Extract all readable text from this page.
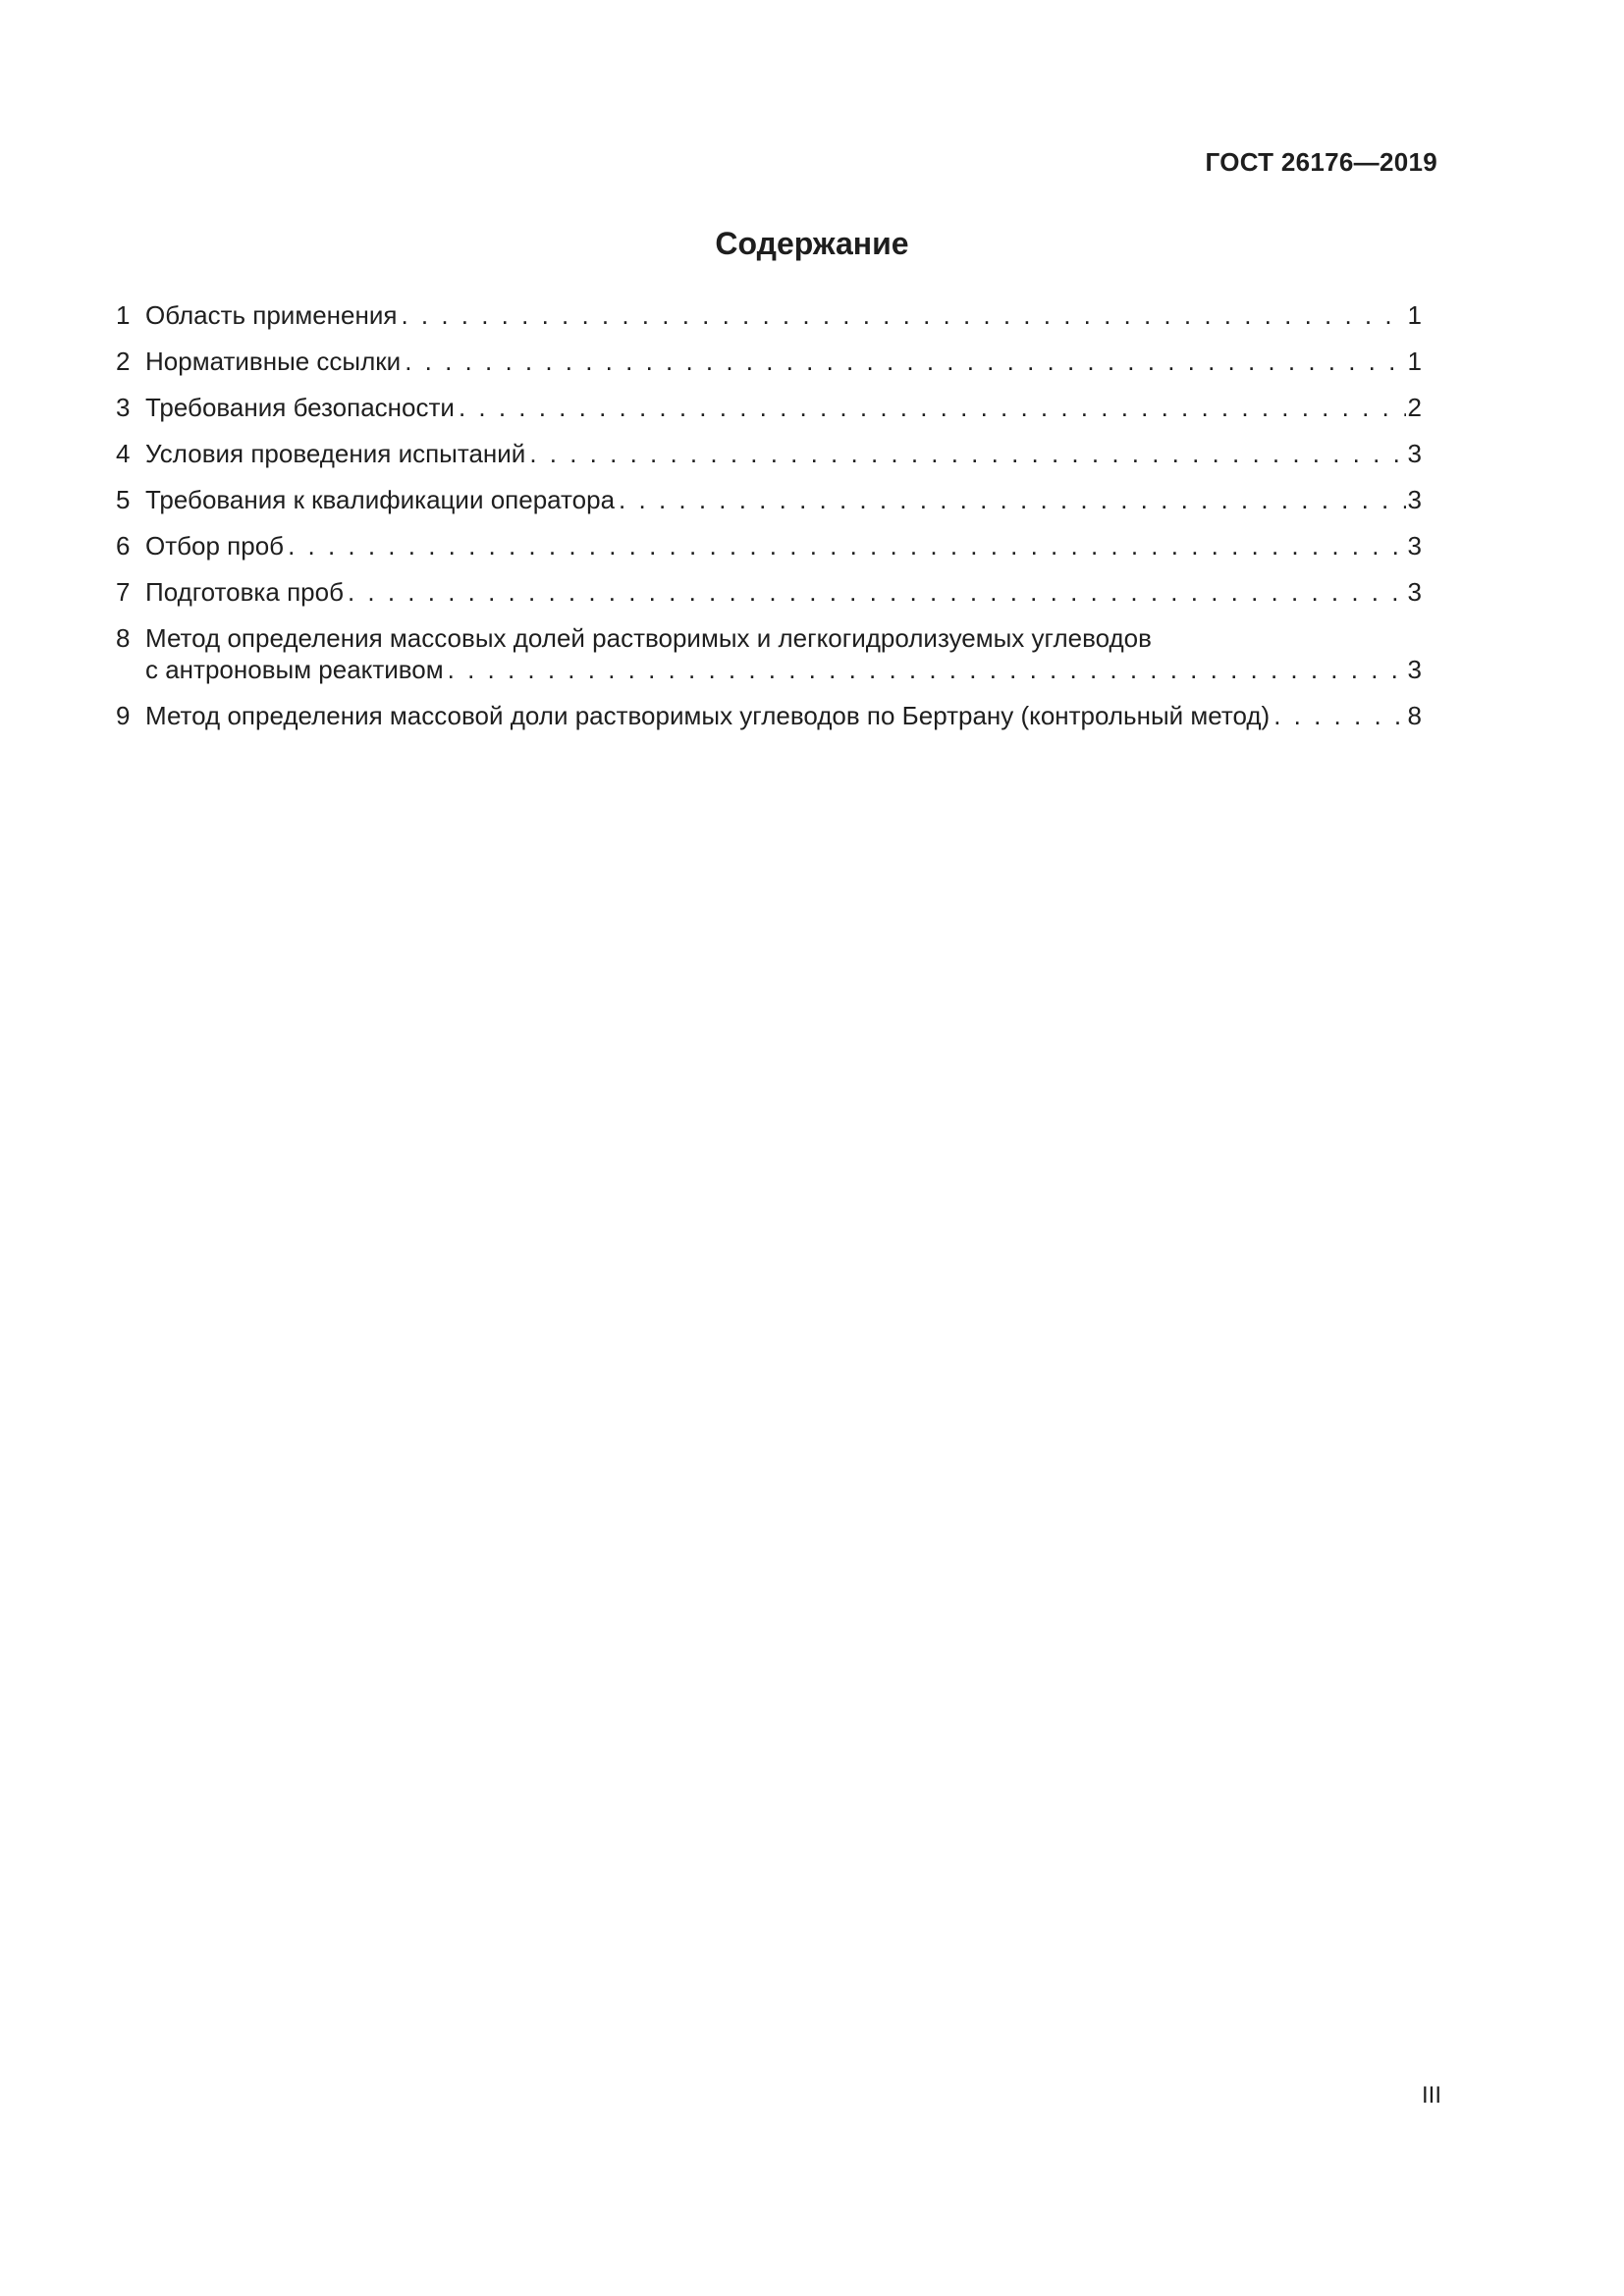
ГОСТ 26176—2019
Содержание
1 Область применения . . .	1
2 Нормативные ссылки . . .	1
3 Требования безопасности . . .	2
4 Условия проведения испытаний . . .	3
5 Требования к квалификации оператора . . .	3
6 Отбор проб . . .	3
7 Подготовка проб . . .	3
8 Метод определения массовых долей растворимых и легкогидролизуемых углеводов
с антроновым реактивом . . .	3
9 Метод определения массовой доли растворимых углеводов по Бертрану (контрольный метод) . . .	8
III
